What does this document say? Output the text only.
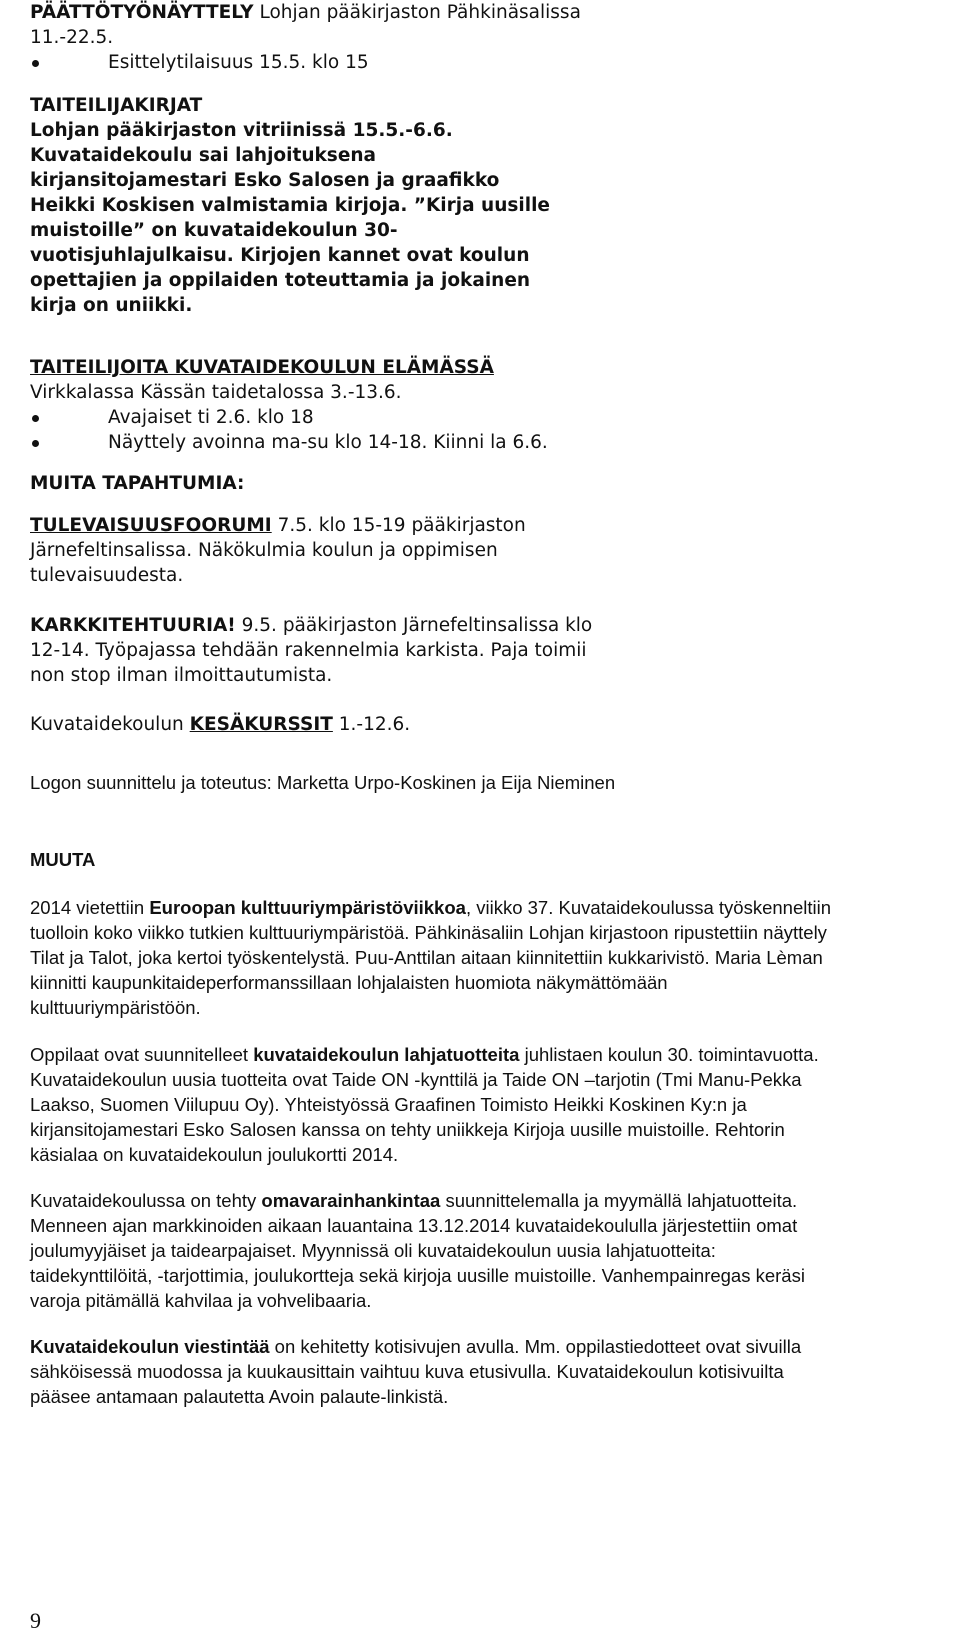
PÄÄTTÖTYÖNÄYTTELY Lohjan pääkirjaston Pähkinäsalissa
11.-22.5.
Esittelytilaisuus 15.5. klo 15
TAITEILIJAKIRJAT
Lohjan pääkirjaston vitriinissä 15.5.-6.6.
Kuvataidekoulu sai lahjoituksena
kirjansitojamestari Esko Salosen ja graafikko
Heikki Koskisen valmistamia kirjoja. ”Kirja uusille
muistoille” on kuvataidekoulun 30-
vuotisjuhlajulkaisu. Kirjojen kannet ovat koulun
opettajien ja oppilaiden toteuttamia ja jokainen
kirja on uniikki.
TAITEILIJOITA KUVATAIDEKOULUN ELÄMÄSSÄ
Virkkalassa Kässän taidetalossa 3.-13.6.
Avajaiset ti 2.6. klo 18
Näyttely avoinna ma-su klo 14-18. Kiinni la 6.6.
MUITA TAPAHTUMIA:
TULEVAISUUSFOORUMI 7.5. klo 15-19 pääkirjaston
Järnefeltinsalissa. Näkökulmia koulun ja oppimisen
tulevaisuudesta.
KARKKITEHTUURIA! 9.5. pääkirjaston Järnefeltinsalissa klo
12-14. Työpajassa tehdään rakennelmia karkista. Paja toimii
non stop ilman ilmoittautumista.
Kuvataidekoulun KESÄKURSSIT 1.-12.6.
Logon suunnittelu ja toteutus: Marketta Urpo-Koskinen ja Eija Nieminen
MUUTA
2014 vietettiin Euroopan kulttuuriympäristöviikkoa, viikko 37. Kuvataidekoulussa työskenneltiin
tuolloin koko viikko tutkien kulttuuriympäristöä. Pähkinäsaliin Lohjan kirjastoon ripustettiin näyttely
Tilat ja Talot, joka kertoi työskentelystä. Puu-Anttilan aitaan kiinnitettiin kukkarivistö. Maria Lèman
kiinnitti kaupunkitaideperformanssillaan lohjalaisten huomiota näkymättömään
kulttuuriympäristöön.
Oppilaat ovat suunnitelleet kuvataidekoulun lahjatuotteita juhlistaen koulun 30. toimintavuotta.
Kuvataidekoulun uusia tuotteita ovat Taide ON -kynttilä ja Taide ON –tarjotin (Tmi Manu-Pekka
Laakso, Suomen Viilupuu Oy). Yhteistyössä Graafinen Toimisto Heikki Koskinen Ky:n ja
kirjansitojamestari Esko Salosen kanssa on tehty uniikkeja Kirjoja uusille muistoille. Rehtorin
käsialaa on kuvataidekoulun joulukortti 2014.
Kuvataidekoulussa on tehty omavarainhankintaa suunnittelemalla ja myymällä lahjatuotteita.
Menneen ajan markkinoiden aikaan lauantaina 13.12.2014 kuvataidekoululla järjestettiin omat
joulumyyjäiset ja taidearpajaiset. Myynnissä oli kuvataidekoulun uusia lahjatuotteita:
taidekynttilöitä, -tarjottimia, joulukortteja sekä kirjoja uusille muistoille. Vanhempainregas keräsi
varoja pitämällä kahvilaa ja vohvelibaaria.
Kuvataidekoulun viestintää on kehitetty kotisivujen avulla. Mm. oppilastiedotteet ovat sivuilla
sähköisessä muodossa ja kuukausittain vaihtuu kuva etusivulla. Kuvataidekoulun kotisivuilta
pääsee antamaan palautetta Avoin palaute-linkistä.
9
